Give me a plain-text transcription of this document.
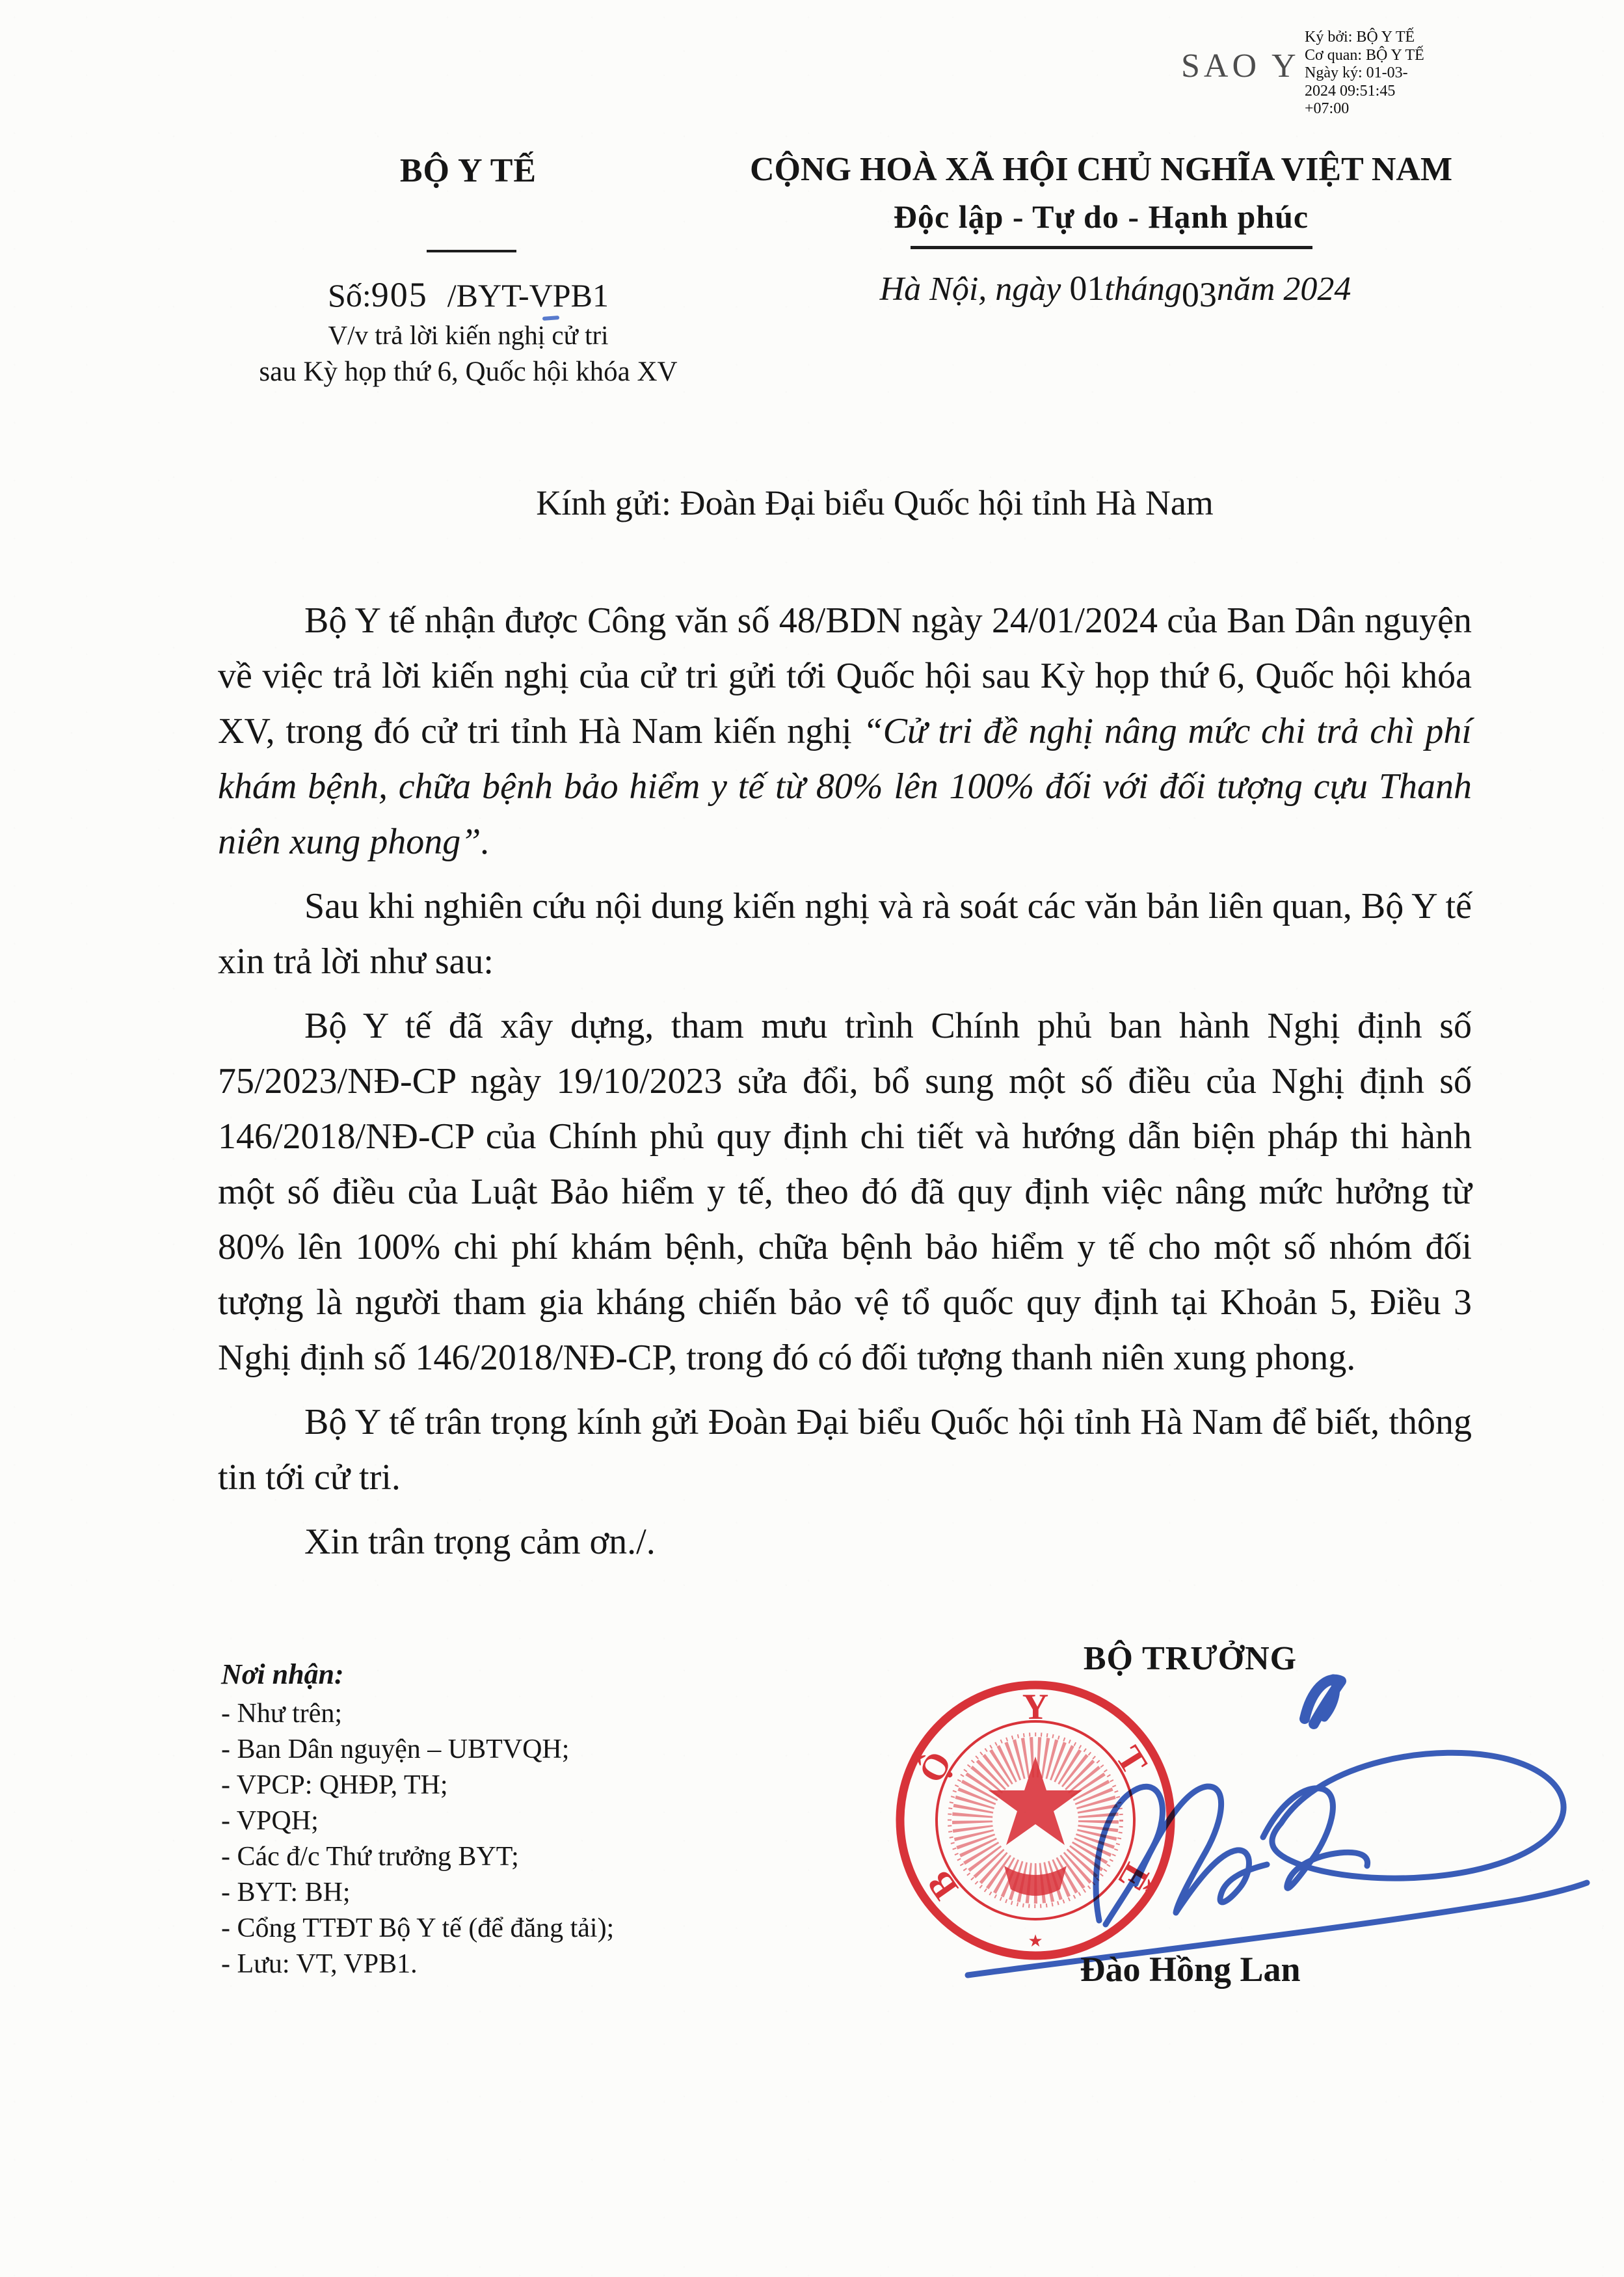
SAO Y
Ký bởi: BỘ Y TẾ
Cơ quan: BỘ Y TẾ
Ngày ký: 01-03-
2024 09:51:45
+07:00
BỘ Y TẾ
Số:905 /BYT-VPB1
V/v trả lời kiến nghị cử tri
sau Kỳ họp thứ 6, Quốc hội khóa XV
CỘNG HOÀ XÃ HỘI CHỦ NGHĨA VIỆT NAM
Độc lập - Tự do - Hạnh phúc
Hà Nội, ngày 01tháng03năm 2024
Kính gửi: Đoàn Đại biểu Quốc hội tỉnh Hà Nam

Bộ Y tế nhận được Công văn số 48/BDN ngày 24/01/2024 của Ban Dân nguyện về việc trả lời kiến nghị của cử tri gửi tới Quốc hội sau Kỳ họp thứ 6, Quốc hội khóa XV, trong đó cử tri tỉnh Hà Nam kiến nghị “Cử tri đề nghị nâng mức chi trả chì phí khám bệnh, chữa bệnh bảo hiểm y tế từ 80% lên 100% đối với đối tượng cựu Thanh niên xung phong”.

Sau khi nghiên cứu nội dung kiến nghị và rà soát các văn bản liên quan, Bộ Y tế xin trả lời như sau:

Bộ Y tế đã xây dựng, tham mưu trình Chính phủ ban hành Nghị định số 75/2023/NĐ-CP ngày 19/10/2023 sửa đổi, bổ sung một số điều của Nghị định số 146/2018/NĐ-CP của Chính phủ quy định chi tiết và hướng dẫn biện pháp thi hành một số điều của Luật Bảo hiểm y tế, theo đó đã quy định việc nâng mức hưởng từ 80% lên 100% chi phí khám bệnh, chữa bệnh bảo hiểm y tế cho một số nhóm đối tượng là người tham gia kháng chiến bảo vệ tổ quốc quy định tại Khoản 5, Điều 3 Nghị định số 146/2018/NĐ-CP, trong đó có đối tượng thanh niên xung phong.

Bộ Y tế trân trọng kính gửi Đoàn Đại biểu Quốc hội tỉnh Hà Nam để biết, thông tin tới cử tri.

Xin trân trọng cảm ơn./.

Nơi nhận:
- Như trên;
- Ban Dân nguyện – UBTVQH;
- VPCP: QHĐP, TH;
- VPQH;
- Các đ/c Thứ trưởng BYT;
- BYT: BH;
- Cổng TTĐT Bộ Y tế (để đăng tải);
- Lưu: VT, VPB1.
BỘ TRƯỞNG
B
Ộ
Y
T
Ế
★
Đào Hồng Lan
